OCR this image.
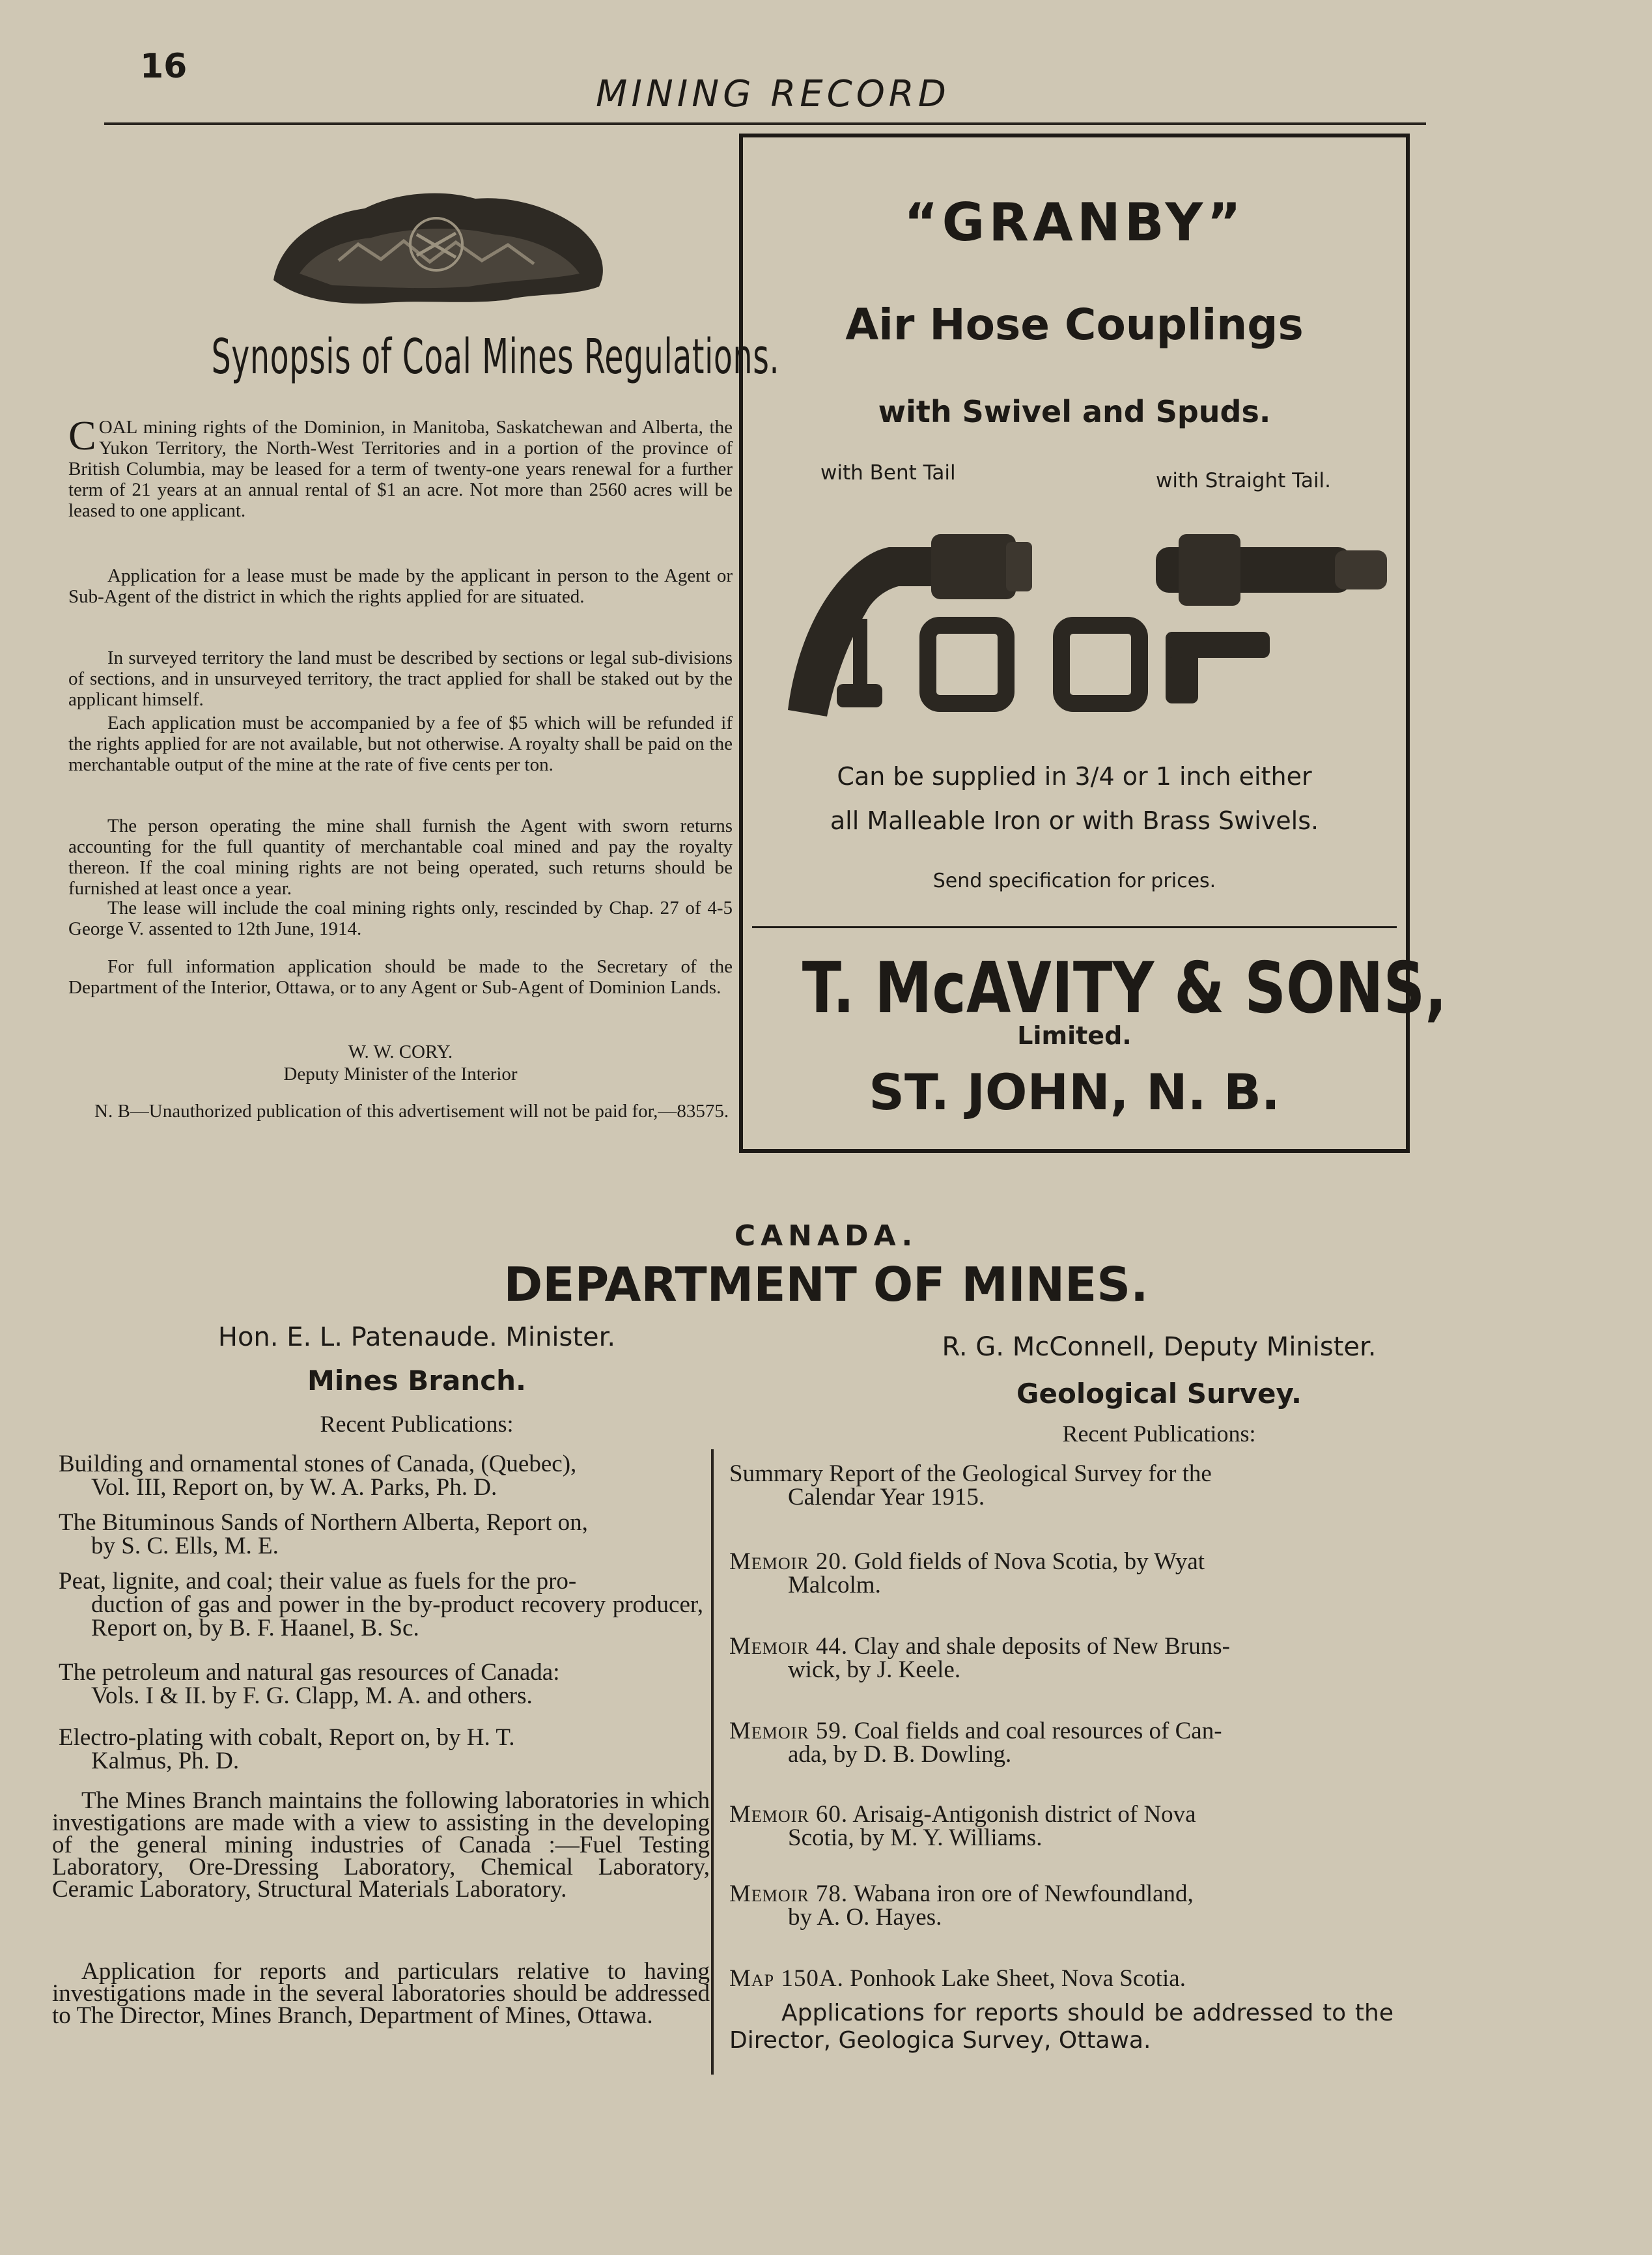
16
MINING RECORD
Synopsis of Coal Mines Regulations.

COAL mining rights of the Dominion, in Manitoba, Saskatchewan and Alberta, the Yukon Territory, the North-West Territories and in a portion of the province of British Columbia, may be leased for a term of twenty-one years renewal for a further term of 21 years at an annual rental of $1 an acre. Not more than 2560 acres will be leased to one applicant.

Application for a lease must be made by the applicant in person to the Agent or Sub-Agent of the district in which the rights applied for are situated.

In surveyed territory the land must be described by sections or legal sub-divisions of sections, and in unsurveyed territory, the tract applied for shall be staked out by the applicant himself.

Each application must be accompanied by a fee of $5 which will be refunded if the rights applied for are not available, but not otherwise. A royalty shall be paid on the merchantable output of the mine at the rate of five cents per ton.

The person operating the mine shall furnish the Agent with sworn returns accounting for the full quantity of merchantable coal mined and pay the royalty thereon. If the coal mining rights are not being operated, such returns should be furnished at least once a year.

The lease will include the coal mining rights only, rescinded by Chap. 27 of 4-5 George V. assented to 12th June, 1914.

For full information application should be made to the Secretary of the Department of the Interior, Ottawa, or to any Agent or Sub-Agent of Dominion Lands.

W. W. CORY.
Deputy Minister of the Interior
N. B—Unauthorized publication of this advertisement will not be paid for,—83575.
“GRANBY”
Air Hose Couplings
with Swivel and Spuds.
with Bent Tail	with Straight Tail.
Can be supplied in 3/4 or 1 inch either
all Malleable Iron or with Brass Swivels.
Send specification for prices.
T. McAVITY & SONS,
Limited.
ST. JOHN, N. B.
CANADA.
DEPARTMENT OF MINES.
Hon. E. L. Patenaude. Minister.	R. G. McConnell, Deputy Minister.
Mines Branch.	Geological Survey.
Recent Publications:	Recent Publications:
Building and ornamental stones of Canada, (Quebec),
Vol. III, Report on, by W. A. Parks, Ph. D.
The Bituminous Sands of Northern Alberta, Report on,
by S. C. Ells, M. E.
Peat, lignite, and coal; their value as fuels for the pro-
duction of gas and power in the by-product recovery producer, Report on, by B. F. Haanel, B. Sc.
The petroleum and natural gas resources of Canada:
Vols. I & II. by F. G. Clapp, M. A. and others.
Electro-plating with cobalt, Report on, by H. T.
Kalmus, Ph. D.

The Mines Branch maintains the following laboratories in which investigations are made with a view to assisting in the developing of the general mining industries of Canada :—Fuel Testing Laboratory, Ore-Dressing Laboratory, Chemical Laboratory, Ceramic Laboratory, Structural Materials Laboratory.

Application for reports and particulars relative to having investigations made in the several laboratories should be addressed to The Director, Mines Branch, Department of Mines, Ottawa.

Summary Report of the Geological Survey for the
Calendar Year 1915.
Memoir 20. Gold fields of Nova Scotia, by Wyat
Malcolm.
Memoir 44. Clay and shale deposits of New Bruns-
wick, by J. Keele.
Memoir 59. Coal fields and coal resources of Can-
ada, by D. B. Dowling.
Memoir 60. Arisaig-Antigonish district of Nova
Scotia, by M. Y. Williams.
Memoir 78. Wabana iron ore of Newfoundland,
by A. O. Hayes.
Map 150A. Ponhook Lake Sheet, Nova Scotia.
Applications for reports should be addressed to the Director, Geologica Survey, Ottawa.
